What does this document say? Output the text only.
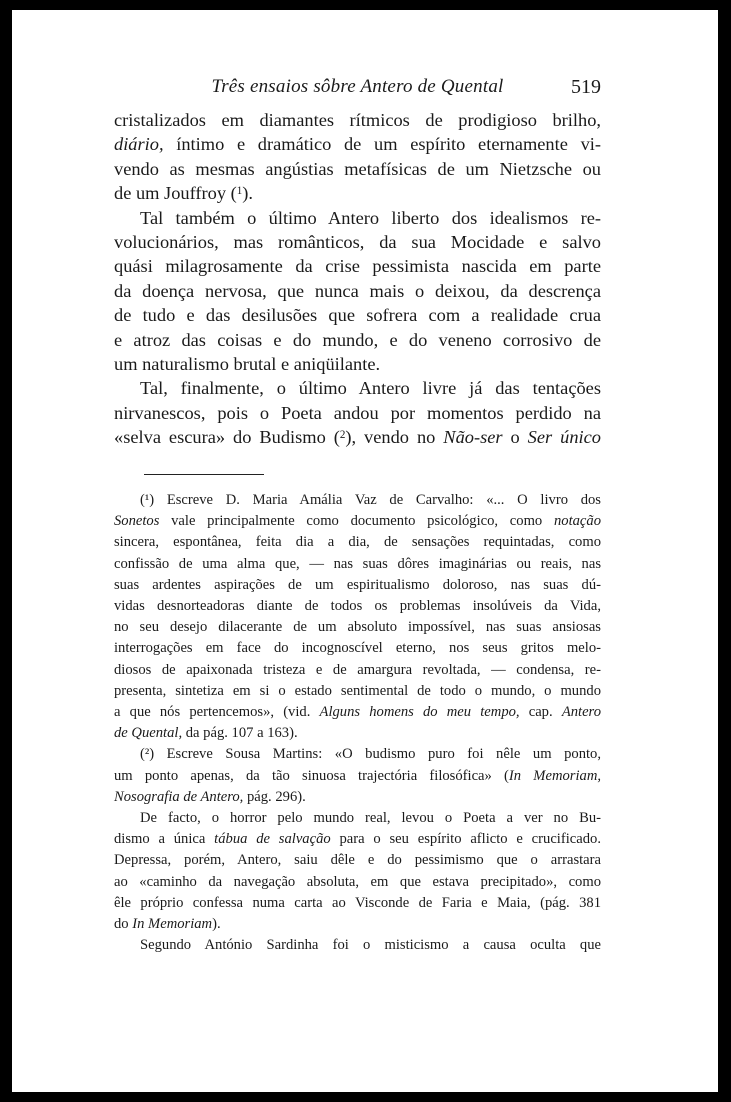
Três ensaios sôbre Antero de Quental	519

cristalizados em diamantes rítmicos de prodigioso brilho,
diário, íntimo e dramático de um espírito eternamente vi-
vendo as mesmas angústias metafísicas de um Nietzsche ou
de um Jouffroy ($^1$).

Tal também o último Antero liberto dos idealismos re-
volucionários, mas românticos, da sua Mocidade e salvo
quási milagrosamente da crise pessimista nascida em parte
da doença nervosa, que nunca mais o deixou, da descrença
de tudo e das desilusões que sofrera com a realidade crua
e atroz das coisas e do mundo, e do veneno corrosivo de
um naturalismo brutal e aniqüilante.

Tal, finalmente, o último Antero livre já das tentações
nirvanescos, pois o Poeta andou por momentos perdido na
«selva escura» do Budismo ($^2$), vendo no Não-ser o Ser único

(¹) Escreve D. Maria Amália Vaz de Carvalho: «... O livro dos
Sonetos vale principalmente como documento psicológico, como notação
sincera, espontânea, feita dia a dia, de sensações requintadas, como
confissão de uma alma que, — nas suas dôres imaginárias ou reais, nas
suas ardentes aspirações de um espiritualismo doloroso, nas suas dú-
vidas desnorteadoras diante de todos os problemas insolúveis da Vida,
no seu desejo dilacerante de um absoluto impossível, nas suas ansiosas
interrogações em face do incognoscível eterno, nos seus gritos melo-
diosos de apaixonada tristeza e de amargura revoltada, — condensa, re-
presenta, sintetiza em si o estado sentimental de todo o mundo, o mundo
a que nós pertencemos», (vid. Alguns homens do meu tempo, cap. Antero
de Quental, da pág. 107 a 163).
(²) Escreve Sousa Martins: «O budismo puro foi nêle um ponto,
um ponto apenas, da tão sinuosa trajectória filosófica» (In Memoriam,
Nosografia de Antero, pág. 296).
De facto, o horror pelo mundo real, levou o Poeta a ver no Bu-
dismo a única tábua de salvação para o seu espírito aflicto e crucificado.
Depressa, porém, Antero, saiu dêle e do pessimismo que o arrastara
ao «caminho da navegação absoluta, em que estava precipitado», como
êle próprio confessa numa carta ao Visconde de Faria e Maia, (pág. 381
do In Memoriam).
Segundo António Sardinha foi o misticismo a causa oculta que
